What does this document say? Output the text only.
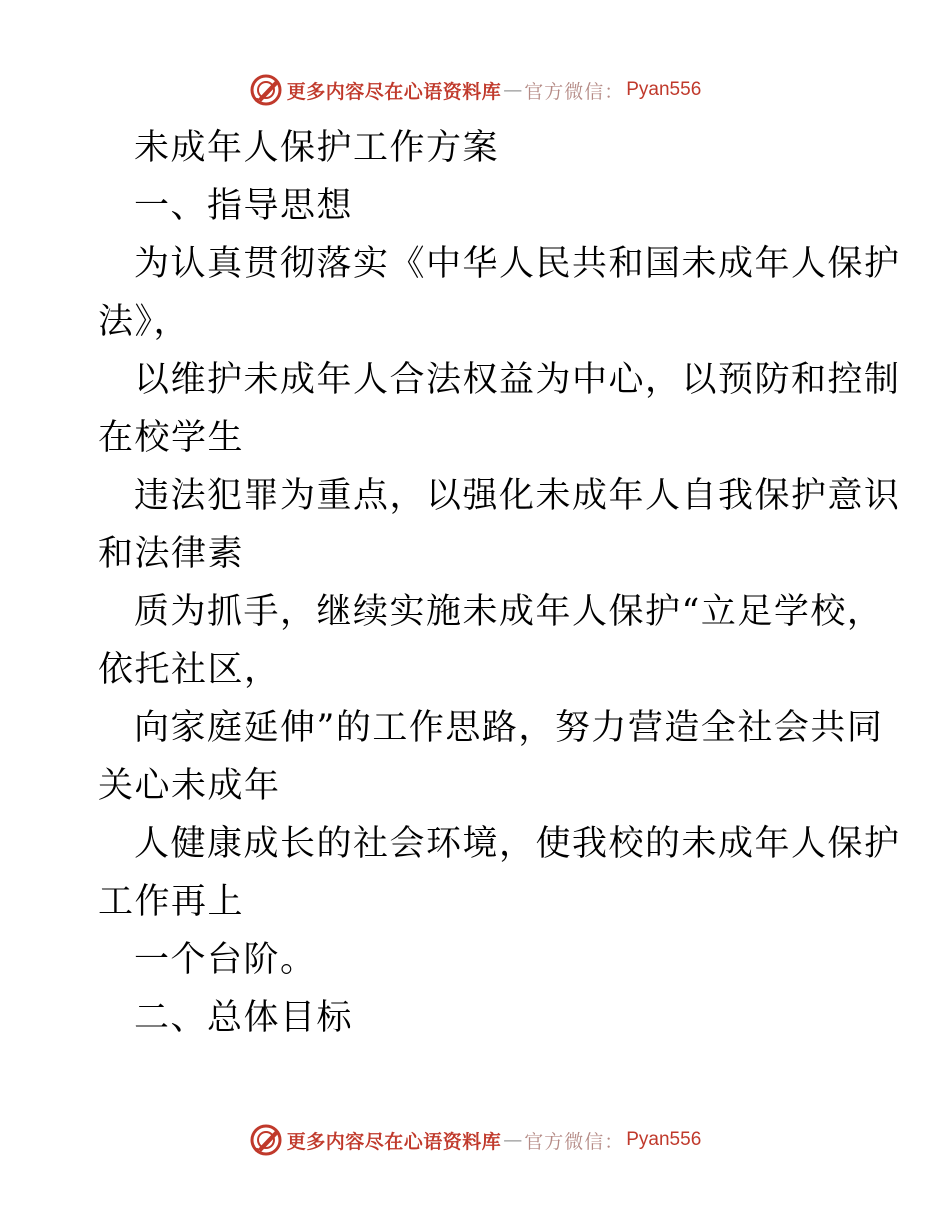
更多内容尽在心语资料库 — 官方微信： Pyan556
未成年人保护工作方案
一、指导思想
为认真贯彻落实《中华人民共和国未成年人保护
法》，
以维护未成年人合法权益为中心，以预防和控制
在校学生
违法犯罪为重点，以强化未成年人自我保护意识
和法律素
质为抓手，继续实施未成年人保护“立足学校，
依托社区，
向家庭延伸”的工作思路，努力营造全社会共同
关心未成年
人健康成长的社会环境，使我校的未成年人保护
工作再上
一个台阶。
二、总体目标
更多内容尽在心语资料库 — 官方微信： Pyan556
